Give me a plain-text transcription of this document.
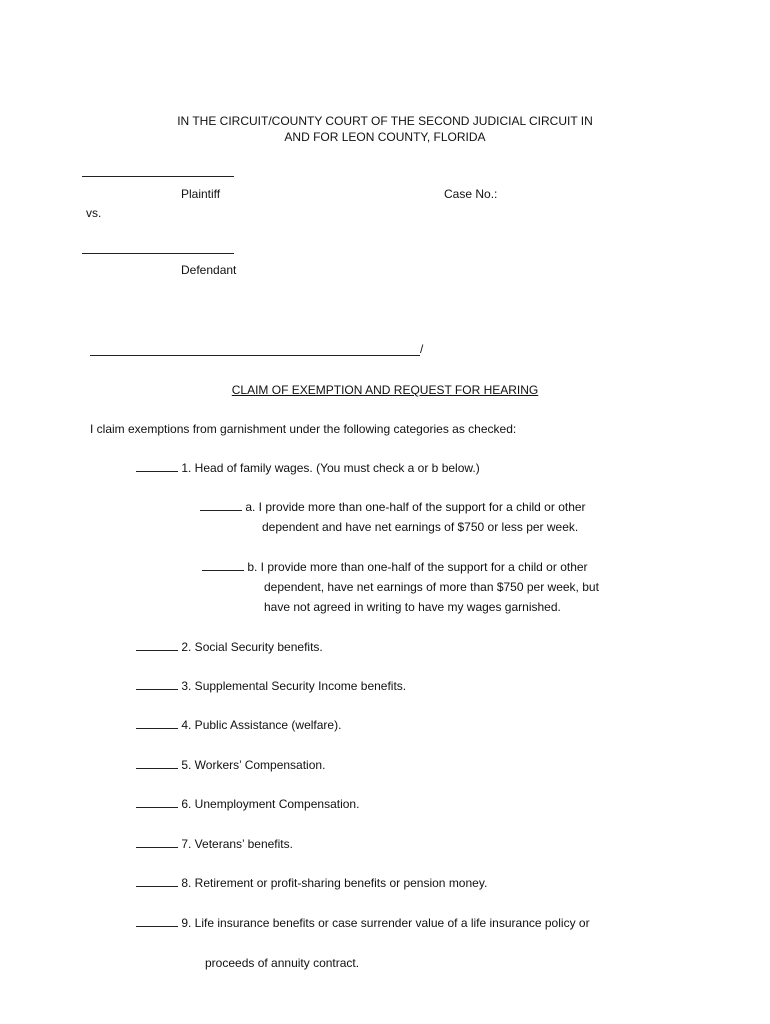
IN THE CIRCUIT/COUNTY COURT OF THE SECOND JUDICIAL CIRCUIT IN
AND FOR LEON COUNTY, FLORIDA
Plaintiff	Case No.:
vs.
Defendant
/
CLAIM OF EXEMPTION AND REQUEST FOR HEARING
I claim exemptions from garnishment under the following categories as checked:
1. Head of family wages. (You must check a or b below.)
a. I provide more than one-half of the support for a child or other
dependent and have net earnings of $750 or less per week.
b. I provide more than one-half of the support for a child or other
dependent, have net earnings of more than $750 per week, but
have not agreed in writing to have my wages garnished.
2. Social Security benefits.
3. Supplemental Security Income benefits.
4. Public Assistance (welfare).
5. Workers’ Compensation.
6. Unemployment Compensation.
7. Veterans’ benefits.
8. Retirement or profit-sharing benefits or pension money.
9. Life insurance benefits or case surrender value of a life insurance policy or
proceeds of annuity contract.
